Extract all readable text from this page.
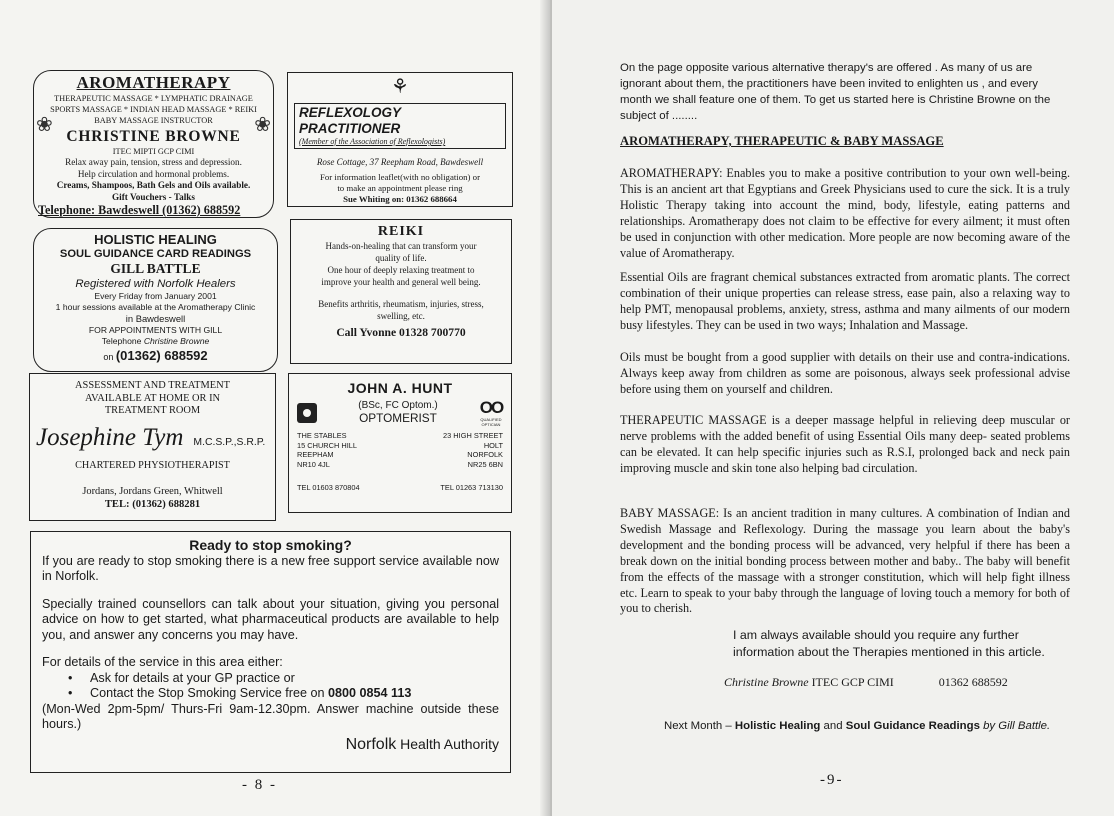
AROMATHERAPY
THERAPEUTIC MASSAGE * LYMPHATIC DRAINAGE
SPORTS MASSAGE * INDIAN HEAD MASSAGE * REIKI
BABY MASSAGE INSTRUCTOR
CHRISTINE BROWNE
ITEC MIPTI GCP CIMI
Relax away pain, tension, stress and depression.
Help circulation and hormonal problems.
Creams, Shampoos, Bath Gels and Oils available.
Gift Vouchers - Talks
Telephone: Bawdeswell (01362) 688592
❀	❀
⚘
REFLEXOLOGY PRACTITIONER
(Member of the Association of Reflexologists)
Rose Cottage, 37 Reepham Road, Bawdeswell
For information leaflet(with no obligation) or
to make an appointment please ring
Sue Whiting on: 01362 688664
HOLISTIC HEALING
SOUL GUIDANCE CARD READINGS
GILL BATTLE
Registered with Norfolk Healers
Every Friday from January 2001
1 hour sessions available at the Aromatherapy Clinic
in Bawdeswell
FOR APPOINTMENTS WITH GILL
Telephone Christine Browne
on (01362) 688592
REIKI
Hands-on-healing that can transform your
quality of life.
One hour of deeply relaxing treatment to
improve your health and general well being.
Benefits arthritis, rheumatism, injuries, stress,
swelling, etc.
Call Yvonne 01328 700770
ASSESSMENT AND TREATMENT
AVAILABLE AT HOME OR IN
TREATMENT ROOM
Josephine Tym M.C.S.P.,S.R.P.
CHARTERED PHYSIOTHERAPIST
Jordans, Jordans Green, Whitwell
TEL: (01362) 688281
JOHN A. HUNT
(BSc, FC Optom.)
OPTOMERIST
OO
QUALIFIED OPTICIAN
THE STABLES
15 CHURCH HILL
REEPHAM
NR10 4JL
23 HIGH STREET
HOLT
NORFOLK
NR25 6BN
TEL 01603 870804	TEL 01263 713130
Ready to stop smoking?

If you are ready to stop smoking there is a new free support service available now in Norfolk.

Specially trained counsellors can talk about your situation, giving you personal advice on how to get started, what pharmaceutical products are available to help you, and answer any concerns you may have.

For details of the service in this area either:

• Ask for details at your GP practice or
• Contact the Stop Smoking Service free on 0800 0854 113

(Mon-Wed 2pm-5pm/ Thurs-Fri 9am-12.30pm. Answer machine outside these hours.)

Norfolk Health Authority
- 8 -
On the page opposite various alternative therapy's are offered . As many of us are ignorant about them, the practitioners have been invited to enlighten us , and every month we shall feature one of them. To get us started here is Christine Browne on the subject of ........
AROMATHERAPY, THERAPEUTIC & BABY MASSAGE
AROMATHERAPY: Enables you to make a positive contribution to your own well-being. This is an ancient art that Egyptians and Greek Physicians used to cure the sick. It is a truly Holistic Therapy taking into account the mind, body, lifestyle, eating patterns and relationships. Aromatherapy does not claim to be effective for every ailment; it must often be used in conjunction with other medication. More people are now becoming aware of the value of Aromatherapy.
Essential Oils are fragrant chemical substances extracted from aromatic plants. The correct combination of their unique properties can release stress, ease pain, also a relaxing way to help PMT, menopausal problems, anxiety, stress, asthma and many ailments of our modern busy lifestyles. They can be used in two ways; Inhalation and Massage.
Oils must be bought from a good supplier with details on their use and contra-indications. Always keep away from children as some are poisonous, always seek professional advise before using them on yourself and children.
THERAPEUTIC MASSAGE is a deeper massage helpful in relieving deep muscular or nerve problems with the added benefit of using Essential Oils many deep- seated problems can be elevated. It can help specific injuries such as R.S.I, prolonged back and neck pain improving muscle and skin tone also helping bad circulation.
BABY MASSAGE: Is an ancient tradition in many cultures. A combination of Indian and Swedish Massage and Reflexology. During the massage you learn about the baby's development and the bonding process will be advanced, very helpful if there has been a break down on the initial bonding process between mother and baby.. The baby will benefit from the effects of the massage with a stronger constitution, which will help fight illness etc. Learn to speak to your baby through the language of loving touch a memory for both of you to cherish.
I am always available should you require any further
information about the Therapies mentioned in this article.
Christine Browne ITEC GCP CIMI	01362 688592
Next Month – Holistic Healing and Soul Guidance Readings by Gill Battle.
-9-
